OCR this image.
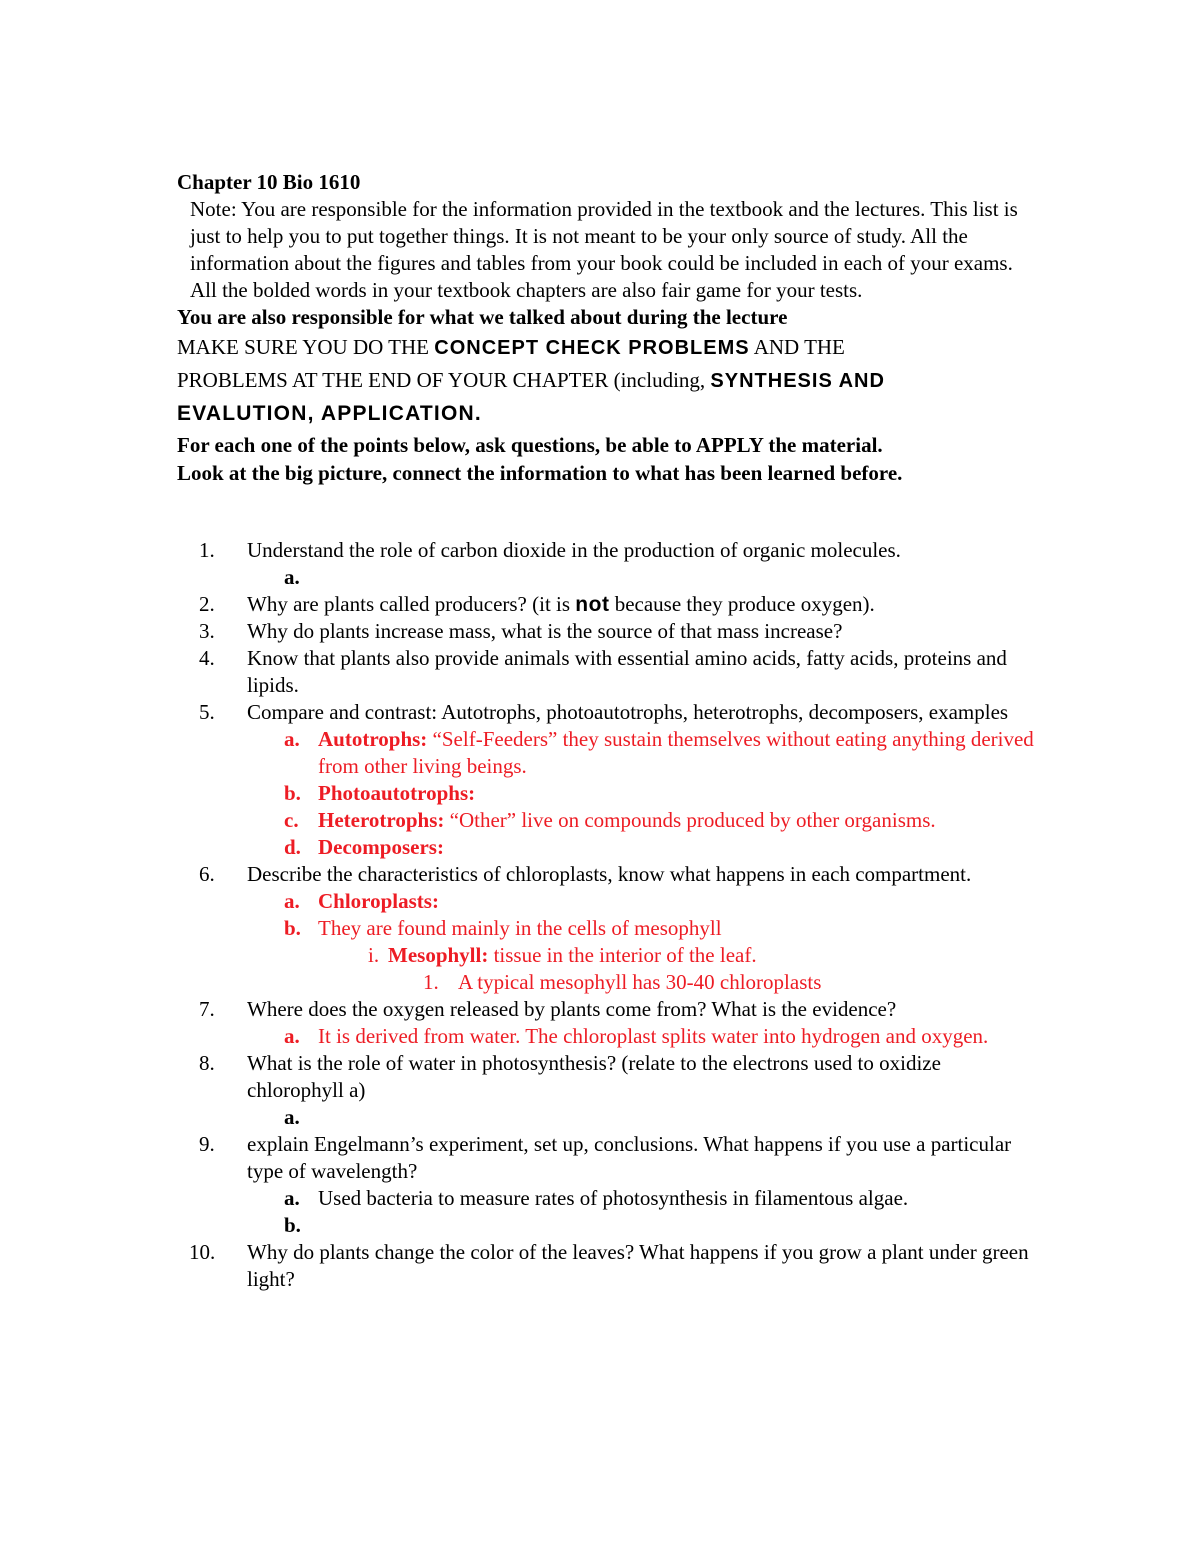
Chapter 10 Bio 1610

Note: You are responsible for the information provided in the textbook and the lectures. This list is just to help you to put together things. It is not meant to be your only source of study. All the information about the figures and tables from your book could be included in each of your exams. All the bolded words in your textbook chapters are also fair game for your tests.

You are also responsible for what we talked about during the lecture

MAKE SURE YOU DO THE CONCEPT CHECK PROBLEMS AND THE

PROBLEMS AT THE END OF YOUR CHAPTER (including, SYNTHESIS AND

EVALUTION, APPLICATION.

For each one of the points below, ask questions, be able to APPLY the material.

Look at the big picture, connect the information to what has been learned before.

1.	Understand the role of carbon dioxide in the production of organic molecules.
a.

2.	Why are plants called producers? (it is not because they produce oxygen).
3.	Why do plants increase mass, what is the source of that mass increase?
4.	Know that plants also provide animals with essential amino acids, fatty acids, proteins and lipids.
5.	Compare and contrast: Autotrophs, photoautotrophs, heterotrophs, decomposers, examples
a. Autotrophs: “Self-Feeders” they sustain themselves without eating anything derived from other living beings.
b. Photoautotrophs:
c. Heterotrophs: “Other” live on compounds produced by other organisms.
d. Decomposers:
6.	Describe the characteristics of chloroplasts, know what happens in each compartment.
a. Chloroplasts:
b. They are found mainly in the cells of mesophyll
i. Mesophyll: tissue in the interior of the leaf.
1. A typical mesophyll has 30-40 chloroplasts
7.	Where does the oxygen released by plants come from? What is the evidence?
a. It is derived from water. The chloroplast splits water into hydrogen and oxygen.
8.	What is the role of water in photosynthesis? (relate to the electrons used to oxidize chlorophyll a)
a.

9.	explain Engelmann’s experiment, set up, conclusions. What happens if you use a particular type of wavelength?
a. Used bacteria to measure rates of photosynthesis in filamentous algae.
b.

10.	Why do plants change the color of the leaves? What happens if you grow a plant under green light?
